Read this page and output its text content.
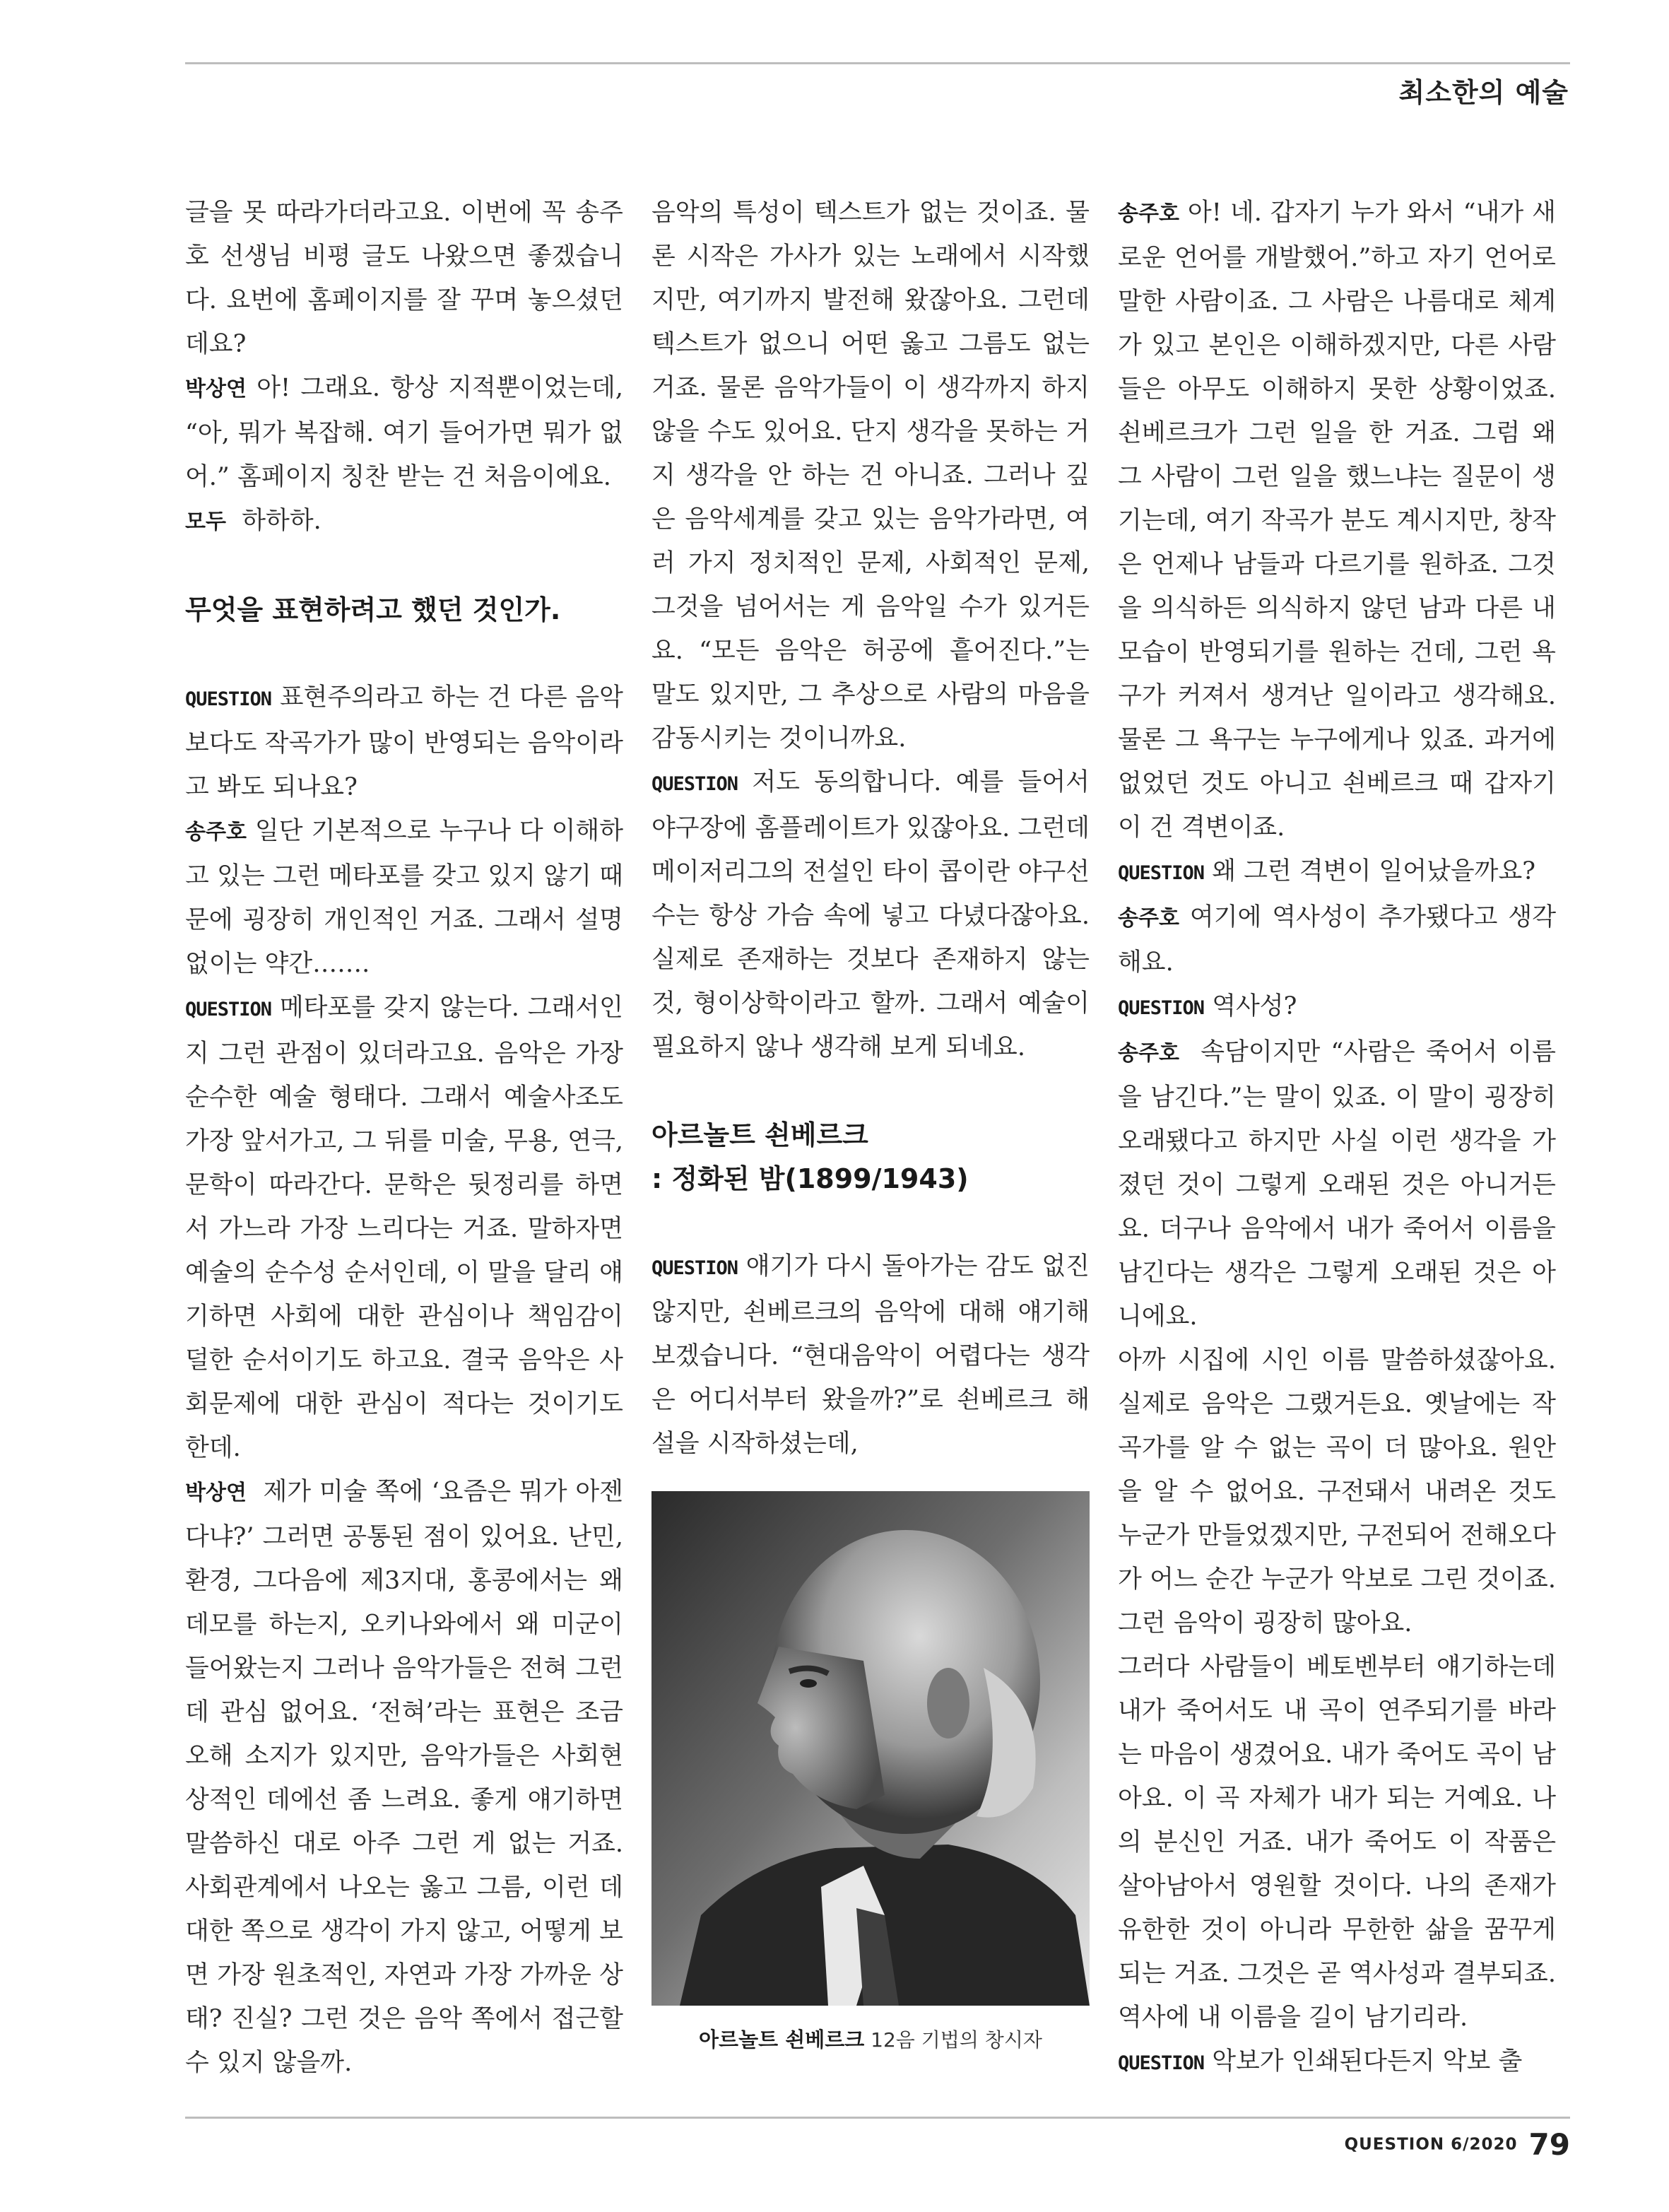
최소한의 예술

글을 못 따라가더라고요. 이번에 꼭 송주호 선생님 비평 글도 나왔으면 좋겠습니다. 요번에 홈페이지를 잘 꾸며 놓으셨던데요?

박상연 아! 그래요. 항상 지적뿐이었는데, “아, 뭐가 복잡해. 여기 들어가면 뭐가 없어.” 홈페이지 칭찬 받는 건 처음이에요.

모두 하하하.

무엇을 표현하려고 했던 것인가.

QUESTION 표현주의라고 하는 건 다른 음악보다도 작곡가가 많이 반영되는 음악이라고 봐도 되나요?

송주호 일단 기본적으로 누구나 다 이해하고 있는 그런 메타포를 갖고 있지 않기 때문에 굉장히 개인적인 거죠. 그래서 설명 없이는 약간…….

QUESTION 메타포를 갖지 않는다. 그래서인지 그런 관점이 있더라고요. 음악은 가장 순수한 예술 형태다. 그래서 예술사조도 가장 앞서가고, 그 뒤를 미술, 무용, 연극, 문학이 따라간다. 문학은 뒷정리를 하면서 가느라 가장 느리다는 거죠. 말하자면 예술의 순수성 순서인데, 이 말을 달리 얘기하면 사회에 대한 관심이나 책임감이 덜한 순서이기도 하고요. 결국 음악은 사회문제에 대한 관심이 적다는 것이기도 한데.

박상연 제가 미술 쪽에 ‘요즘은 뭐가 아젠다냐?’ 그러면 공통된 점이 있어요. 난민, 환경, 그다음에 제3지대, 홍콩에서는 왜 데모를 하는지, 오키나와에서 왜 미군이 들어왔는지 그러나 음악가들은 전혀 그런 데 관심 없어요. ‘전혀’라는 표현은 조금 오해 소지가 있지만, 음악가들은 사회현상적인 데에선 좀 느려요. 좋게 얘기하면 말씀하신 대로 아주 그런 게 없는 거죠. 사회관계에서 나오는 옳고 그름, 이런 데 대한 쪽으로 생각이 가지 않고, 어떻게 보면 가장 원초적인, 자연과 가장 가까운 상태? 진실? 그런 것은 음악 쪽에서 접근할 수 있지 않을까.

음악의 특성이 텍스트가 없는 것이죠. 물론 시작은 가사가 있는 노래에서 시작했지만, 여기까지 발전해 왔잖아요. 그런데 텍스트가 없으니 어떤 옳고 그름도 없는 거죠. 물론 음악가들이 이 생각까지 하지 않을 수도 있어요. 단지 생각을 못하는 거지 생각을 안 하는 건 아니죠. 그러나 깊은 음악세계를 갖고 있는 음악가라면, 여러 가지 정치적인 문제, 사회적인 문제, 그것을 넘어서는 게 음악일 수가 있거든요. “모든 음악은 허공에 흩어진다.”는 말도 있지만, 그 추상으로 사람의 마음을 감동시키는 것이니까요.

QUESTION 저도 동의합니다. 예를 들어서 야구장에 홈플레이트가 있잖아요. 그런데 메이저리그의 전설인 타이 콥이란 야구선수는 항상 가슴 속에 넣고 다녔다잖아요. 실제로 존재하는 것보다 존재하지 않는 것, 형이상학이라고 할까. 그래서 예술이 필요하지 않나 생각해 보게 되네요.

아르놀트 쇤베르크

: 정화된 밤(1899/1943)

QUESTION 얘기가 다시 돌아가는 감도 없진 않지만, 쇤베르크의 음악에 대해 얘기해 보겠습니다. “현대음악이 어렵다는 생각은 어디서부터 왔을까?”로 쇤베르크 해설을 시작하셨는데,

아르놀트 쇤베르크 12음 기법의 창시자

송주호 아! 네. 갑자기 누가 와서 “내가 새로운 언어를 개발했어.”하고 자기 언어로 말한 사람이죠. 그 사람은 나름대로 체계가 있고 본인은 이해하겠지만, 다른 사람들은 아무도 이해하지 못한 상황이었죠. 쇤베르크가 그런 일을 한 거죠. 그럼 왜 그 사람이 그런 일을 했느냐는 질문이 생기는데, 여기 작곡가 분도 계시지만, 창작은 언제나 남들과 다르기를 원하죠. 그것을 의식하든 의식하지 않던 남과 다른 내 모습이 반영되기를 원하는 건데, 그런 욕구가 커져서 생겨난 일이라고 생각해요. 물론 그 욕구는 누구에게나 있죠. 과거에 없었던 것도 아니고 쇤베르크 때 갑자기 이 건 격변이죠.

QUESTION 왜 그런 격변이 일어났을까요?

송주호 여기에 역사성이 추가됐다고 생각해요.

QUESTION 역사성?

송주호 속담이지만 “사람은 죽어서 이름을 남긴다.”는 말이 있죠. 이 말이 굉장히 오래됐다고 하지만 사실 이런 생각을 가졌던 것이 그렇게 오래된 것은 아니거든요. 더구나 음악에서 내가 죽어서 이름을 남긴다는 생각은 그렇게 오래된 것은 아니에요.

아까 시집에 시인 이름 말씀하셨잖아요. 실제로 음악은 그랬거든요. 옛날에는 작곡가를 알 수 없는 곡이 더 많아요. 원안을 알 수 없어요. 구전돼서 내려온 것도 누군가 만들었겠지만, 구전되어 전해오다가 어느 순간 누군가 악보로 그린 것이죠. 그런 음악이 굉장히 많아요.

그러다 사람들이 베토벤부터 얘기하는데 내가 죽어서도 내 곡이 연주되기를 바라는 마음이 생겼어요. 내가 죽어도 곡이 남아요. 이 곡 자체가 내가 되는 거예요. 나의 분신인 거죠. 내가 죽어도 이 작품은 살아남아서 영원할 것이다. 나의 존재가 유한한 것이 아니라 무한한 삶을 꿈꾸게 되는 거죠. 그것은 곧 역사성과 결부되죠. 역사에 내 이름을 길이 남기리라.

QUESTION 악보가 인쇄된다든지 악보 출

QUESTION 6/2020 79
